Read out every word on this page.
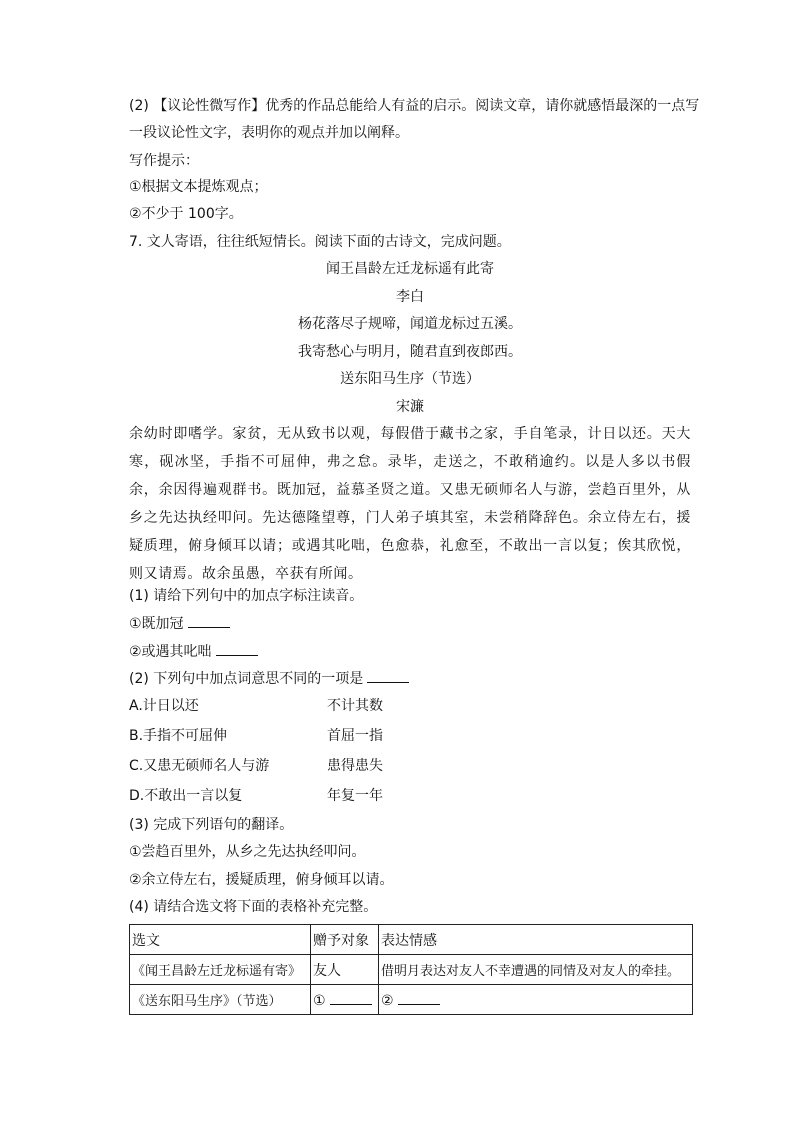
(2) 【议论性微写作】优秀的作品总能给人有益的启示。阅读文章，请你就感悟最深的一点写
一段议论性文字，表明你的观点并加以阐释。
写作提示：
①根据文本提炼观点；
②不少于 100字。
7. 文人寄语，往往纸短情长。阅读下面的古诗文，完成问题。
闻王昌龄左迁龙标遥有此寄
李白
杨花落尽子规啼，闻道龙标过五溪。
我寄愁心与明月，随君直到夜郎西。
送东阳马生序（节选）
宋濂
余幼时即嗜学。家贫，无从致书以观，每假借于藏书之家，手自笔录，计日以还。天大寒，砚冰坚，手指不可屈伸，弗之怠。录毕，走送之，不敢稍逾约。以是人多以书假余，余因得遍观群书。既加冠，益慕圣贤之道。又患无硕师名人与游，尝趋百里外，从乡之先达执经叩问。先达德隆望尊，门人弟子填其室，未尝稍降辞色。余立侍左右，援疑质理，俯身倾耳以请；或遇其叱咄，色愈恭，礼愈至，不敢出一言以复；俟其欣悦，则又请焉。故余虽愚，卒获有所闻。
(1) 请给下列句中的加点字标注读音。
①既加冠
②或遇其叱咄
(2) 下列句中加点词意思不同的一项是
A.计日以还	不计其数
B.手指不可屈伸	首屈一指
C.又患无硕师名人与游	患得患失
D.不敢出一言以复	年复一年
(3) 完成下列语句的翻译。
①尝趋百里外，从乡之先达执经叩问。
②余立侍左右，援疑质理，俯身倾耳以请。
(4) 请结合选文将下面的表格补充完整。
选文	赠予对象	表达情感
《闻王昌龄左迁龙标遥有寄》	友人	借明月表达对友人不幸遭遇的同情及对友人的牵挂。
《送东阳马生序》（节选）	①	②
